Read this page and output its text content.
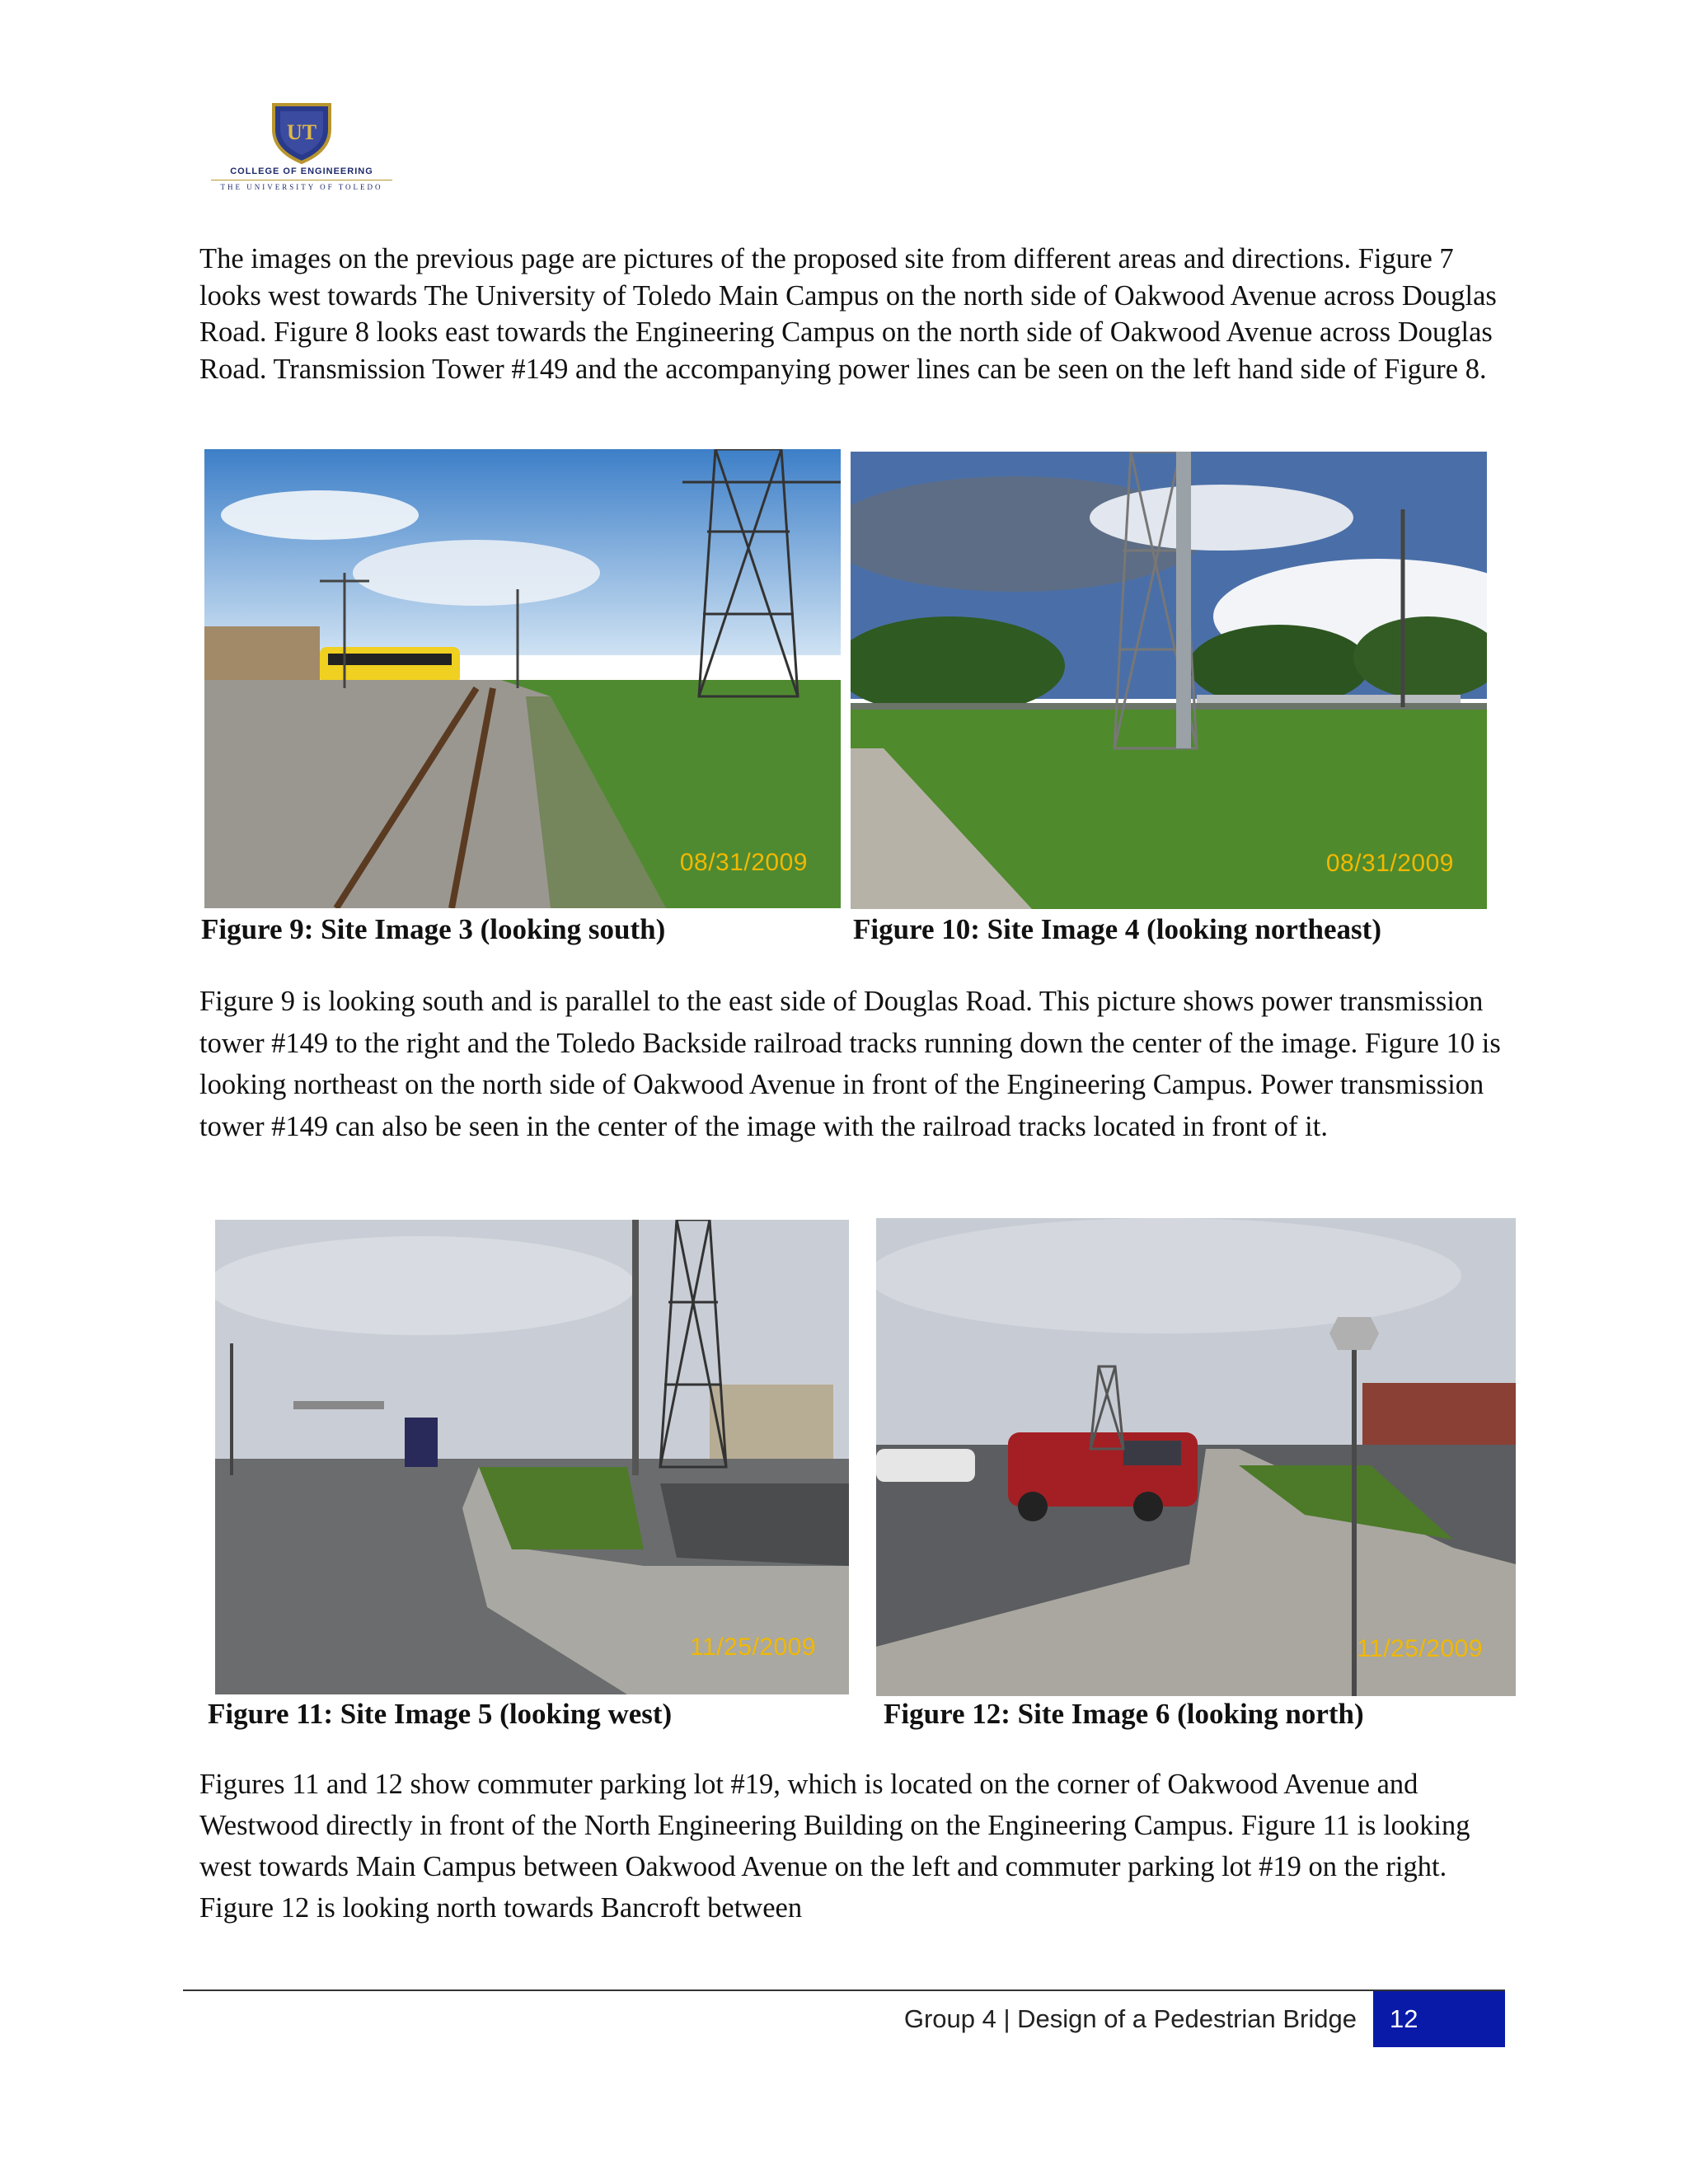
UT
COLLEGE OF ENGINEERING
THE UNIVERSITY OF TOLEDO
The images on the previous page are pictures of the proposed site from different areas and directions. Figure 7 looks west towards The University of Toledo Main Campus on the north side of Oakwood Avenue across Douglas Road. Figure 8 looks east towards the Engineering Campus on the north side of Oakwood Avenue across Douglas Road. Transmission Tower #149 and the accompanying power lines can be seen on the left hand side of Figure 8.
08/31/2009	08/31/2009
Figure 9: Site Image 3 (looking south)	Figure 10: Site Image 4 (looking northeast)
Figure 9 is looking south and is parallel to the east side of Douglas Road. This picture shows power transmission tower #149 to the right and the Toledo Backside railroad tracks running down the center of the image. Figure 10 is looking northeast on the north side of Oakwood Avenue in front of the Engineering Campus. Power transmission tower #149 can also be seen in the center of the image with the railroad tracks located in front of it.
11/25/2009	11/25/2009
Figure 11: Site Image 5 (looking west)	Figure 12: Site Image 6 (looking north)
Figures 11 and 12 show commuter parking lot #19, which is located on the corner of Oakwood Avenue and Westwood directly in front of the North Engineering Building on the Engineering Campus. Figure 11 is looking west towards Main Campus between Oakwood Avenue on the left and commuter parking lot #19 on the right. Figure 12 is looking north towards Bancroft between
Group 4 | Design of a Pedestrian Bridge	12
